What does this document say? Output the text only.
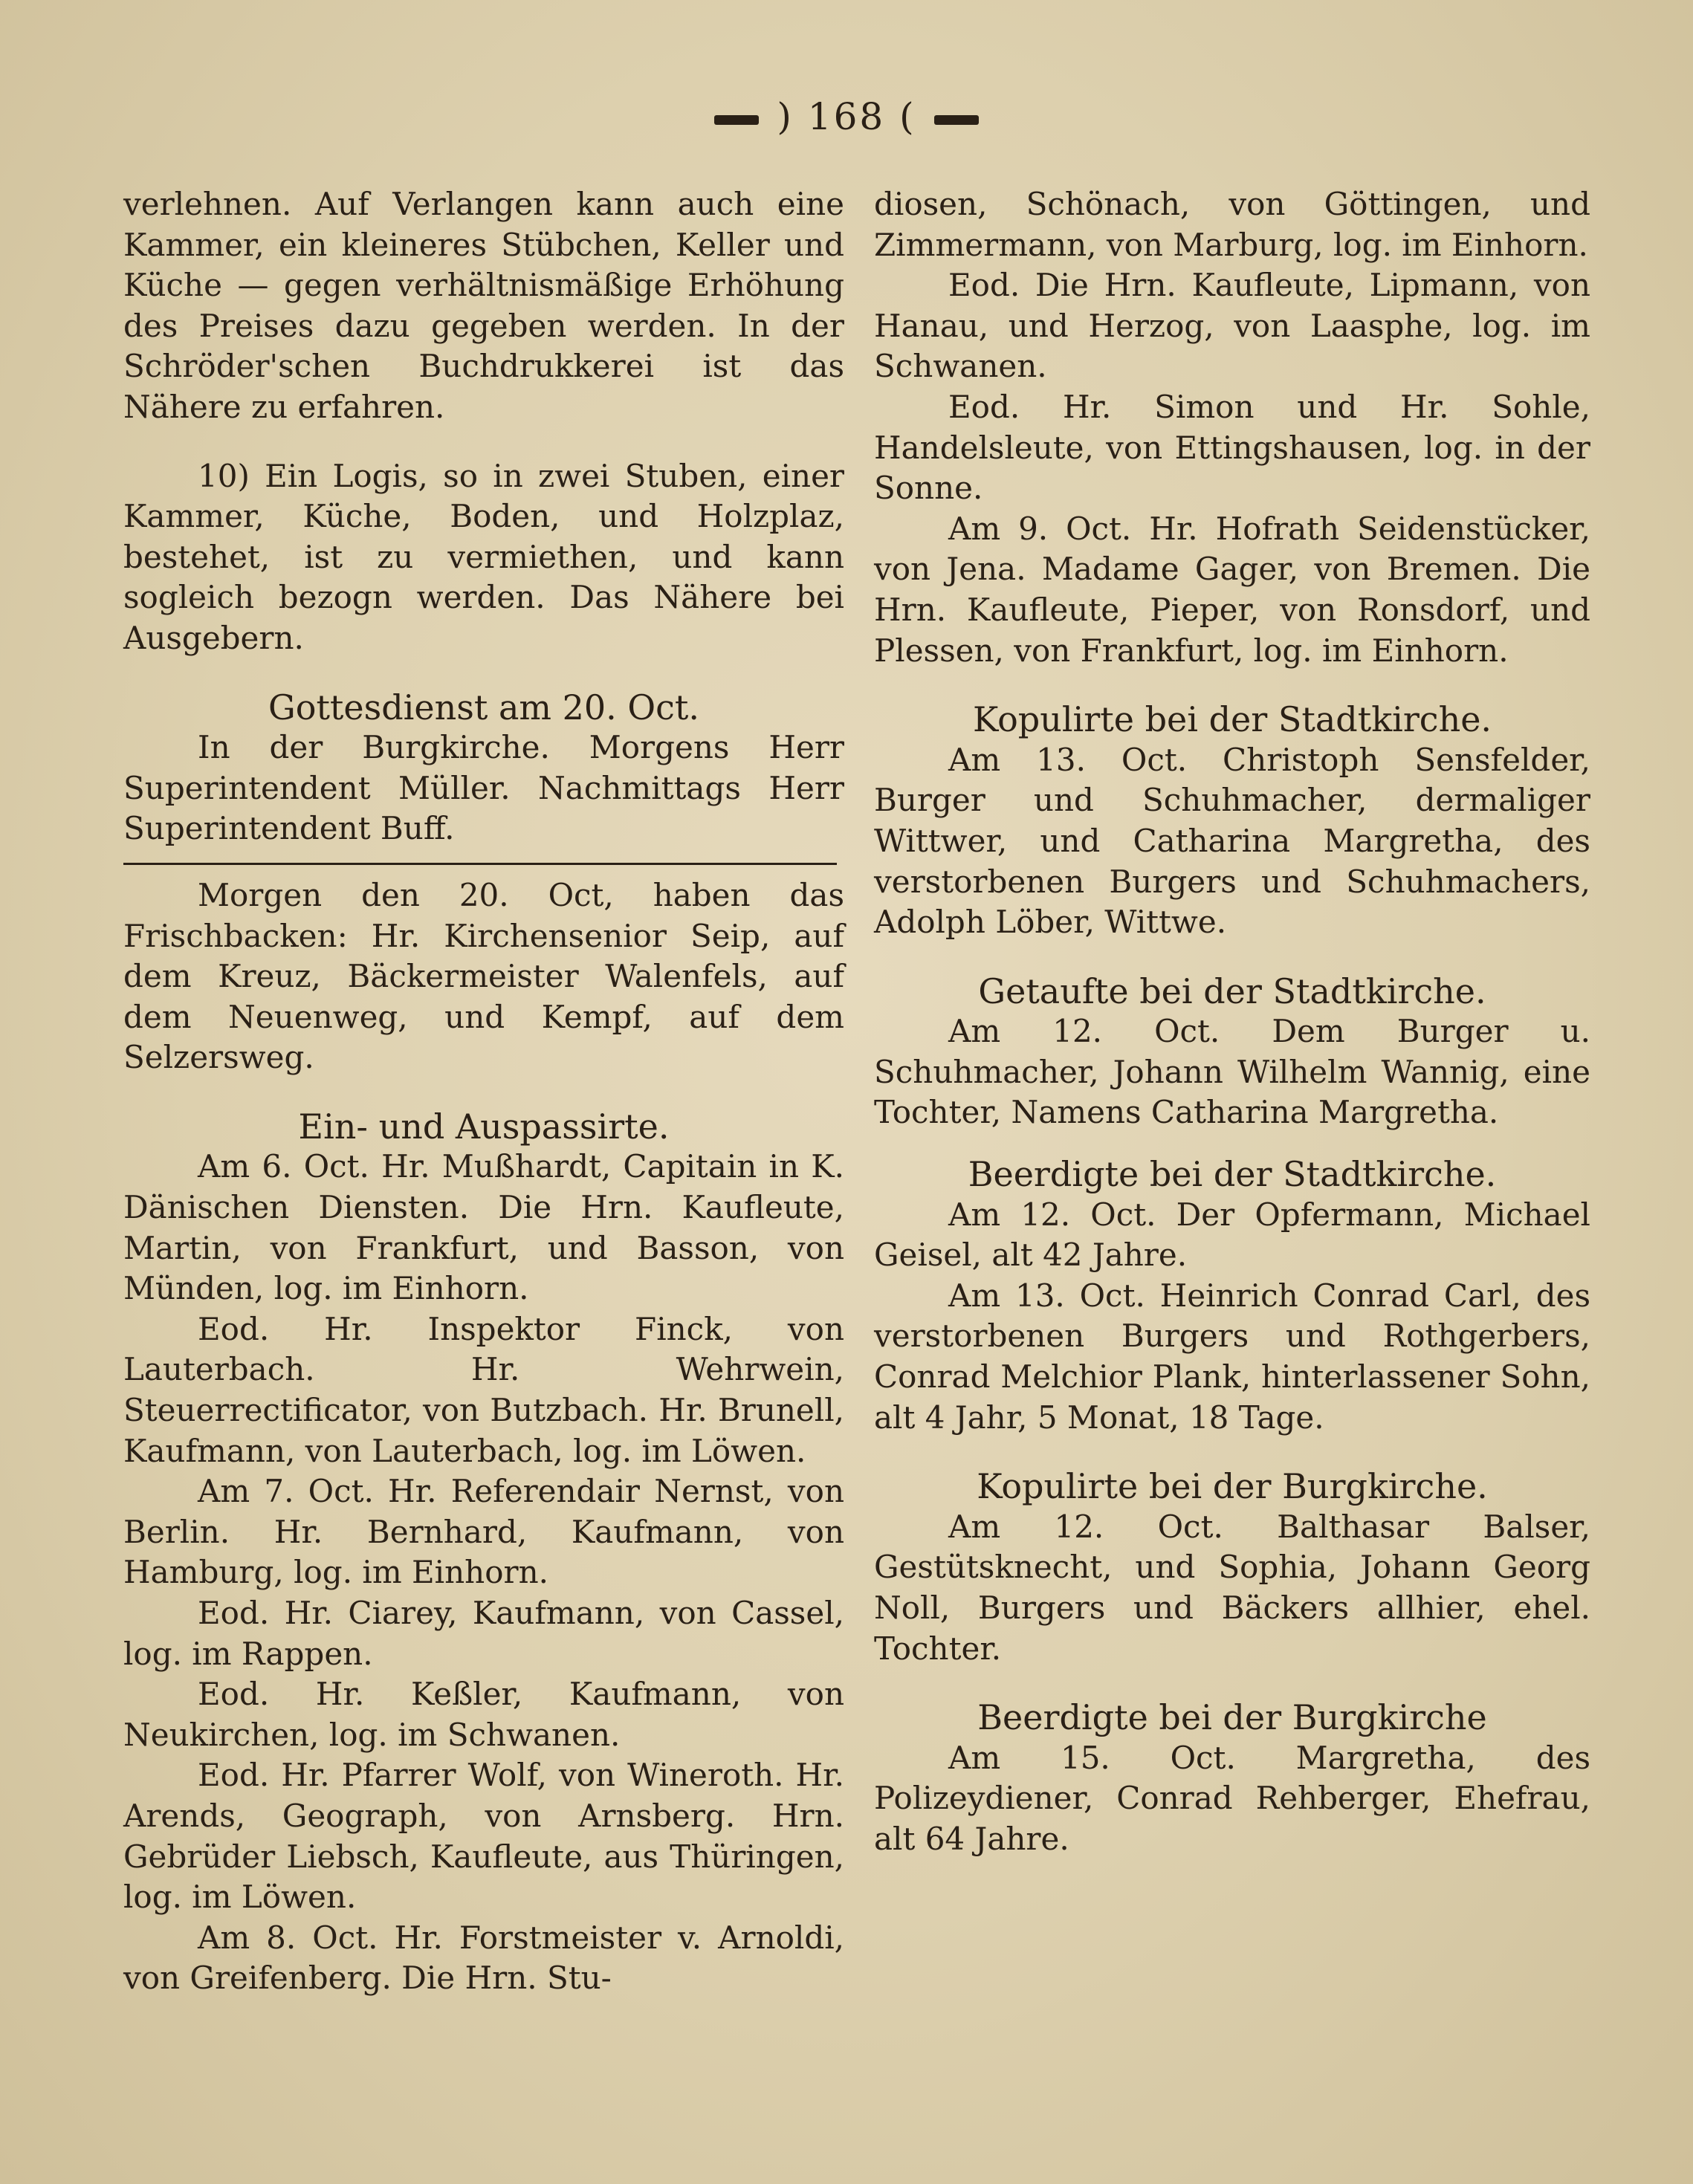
) 168 (

verlehnen. Auf Verlangen kann auch eine Kammer, ein kleineres Stübchen, Keller und Küche — gegen verhältnismäßige Erhöhung des Preises dazu gegeben werden. In der Schröder'schen Buchdrukkerei ist das Nähere zu erfahren.

10) Ein Logis, so in zwei Stuben, einer Kammer, Küche, Boden, und Holzplaz, bestehet, ist zu vermiethen, und kann sogleich bezogn werden. Das Nähere bei Ausgebern.

Gottesdienst am 20. Oct.

In der Burgkirche. Morgens Herr Superintendent Müller. Nachmittags Herr Superintendent Buff.

Morgen den 20. Oct, haben das Frischbacken: Hr. Kirchensenior Seip, auf dem Kreuz, Bäckermeister Walenfels, auf dem Neuenweg, und Kempf, auf dem Selzersweg.

Ein- und Auspassirte.

Am 6. Oct. Hr. Mußhardt, Capitain in K. Dänischen Diensten. Die Hrn. Kaufleute, Martin, von Frankfurt, und Basson, von Münden, log. im Einhorn.

Eod. Hr. Inspektor Finck, von Lauterbach. Hr. Wehrwein, Steuerrectificator, von Butzbach. Hr. Brunell, Kaufmann, von Lauterbach, log. im Löwen.

Am 7. Oct. Hr. Referendair Nernst, von Berlin. Hr. Bernhard, Kaufmann, von Hamburg, log. im Einhorn.

Eod. Hr. Ciarey, Kaufmann, von Cassel, log. im Rappen.

Eod. Hr. Keßler, Kaufmann, von Neukirchen, log. im Schwanen.

Eod. Hr. Pfarrer Wolf, von Wineroth. Hr. Arends, Geograph, von Arnsberg. Hrn. Gebrüder Liebsch, Kaufleute, aus Thüringen, log. im Löwen.

Am 8. Oct. Hr. Forstmeister v. Arnoldi, von Greifenberg. Die Hrn. Stu-

diosen, Schönach, von Göttingen, und Zimmermann, von Marburg, log. im Einhorn.

Eod. Die Hrn. Kaufleute, Lipmann, von Hanau, und Herzog, von Laasphe, log. im Schwanen.

Eod. Hr. Simon und Hr. Sohle, Handelsleute, von Ettingshausen, log. in der Sonne.

Am 9. Oct. Hr. Hofrath Seidenstücker, von Jena. Madame Gager, von Bremen. Die Hrn. Kaufleute, Pieper, von Ronsdorf, und Plessen, von Frankfurt, log. im Einhorn.

Kopulirte bei der Stadtkirche.

Am 13. Oct. Christoph Sensfelder, Burger und Schuhmacher, dermaliger Wittwer, und Catharina Margretha, des verstorbenen Burgers und Schuhmachers, Adolph Löber, Wittwe.

Getaufte bei der Stadtkirche.

Am 12. Oct. Dem Burger u. Schuhmacher, Johann Wilhelm Wannig, eine Tochter, Namens Catharina Margretha.

Beerdigte bei der Stadtkirche.

Am 12. Oct. Der Opfermann, Michael Geisel, alt 42 Jahre.

Am 13. Oct. Heinrich Conrad Carl, des verstorbenen Burgers und Rothgerbers, Conrad Melchior Plank, hinterlassener Sohn, alt 4 Jahr, 5 Monat, 18 Tage.

Kopulirte bei der Burgkirche.

Am 12. Oct. Balthasar Balser, Gestütsknecht, und Sophia, Johann Georg Noll, Burgers und Bäckers allhier, ehel. Tochter.

Beerdigte bei der Burgkirche

Am 15. Oct. Margretha, des Polizeydiener, Conrad Rehberger, Ehefrau, alt 64 Jahre.
